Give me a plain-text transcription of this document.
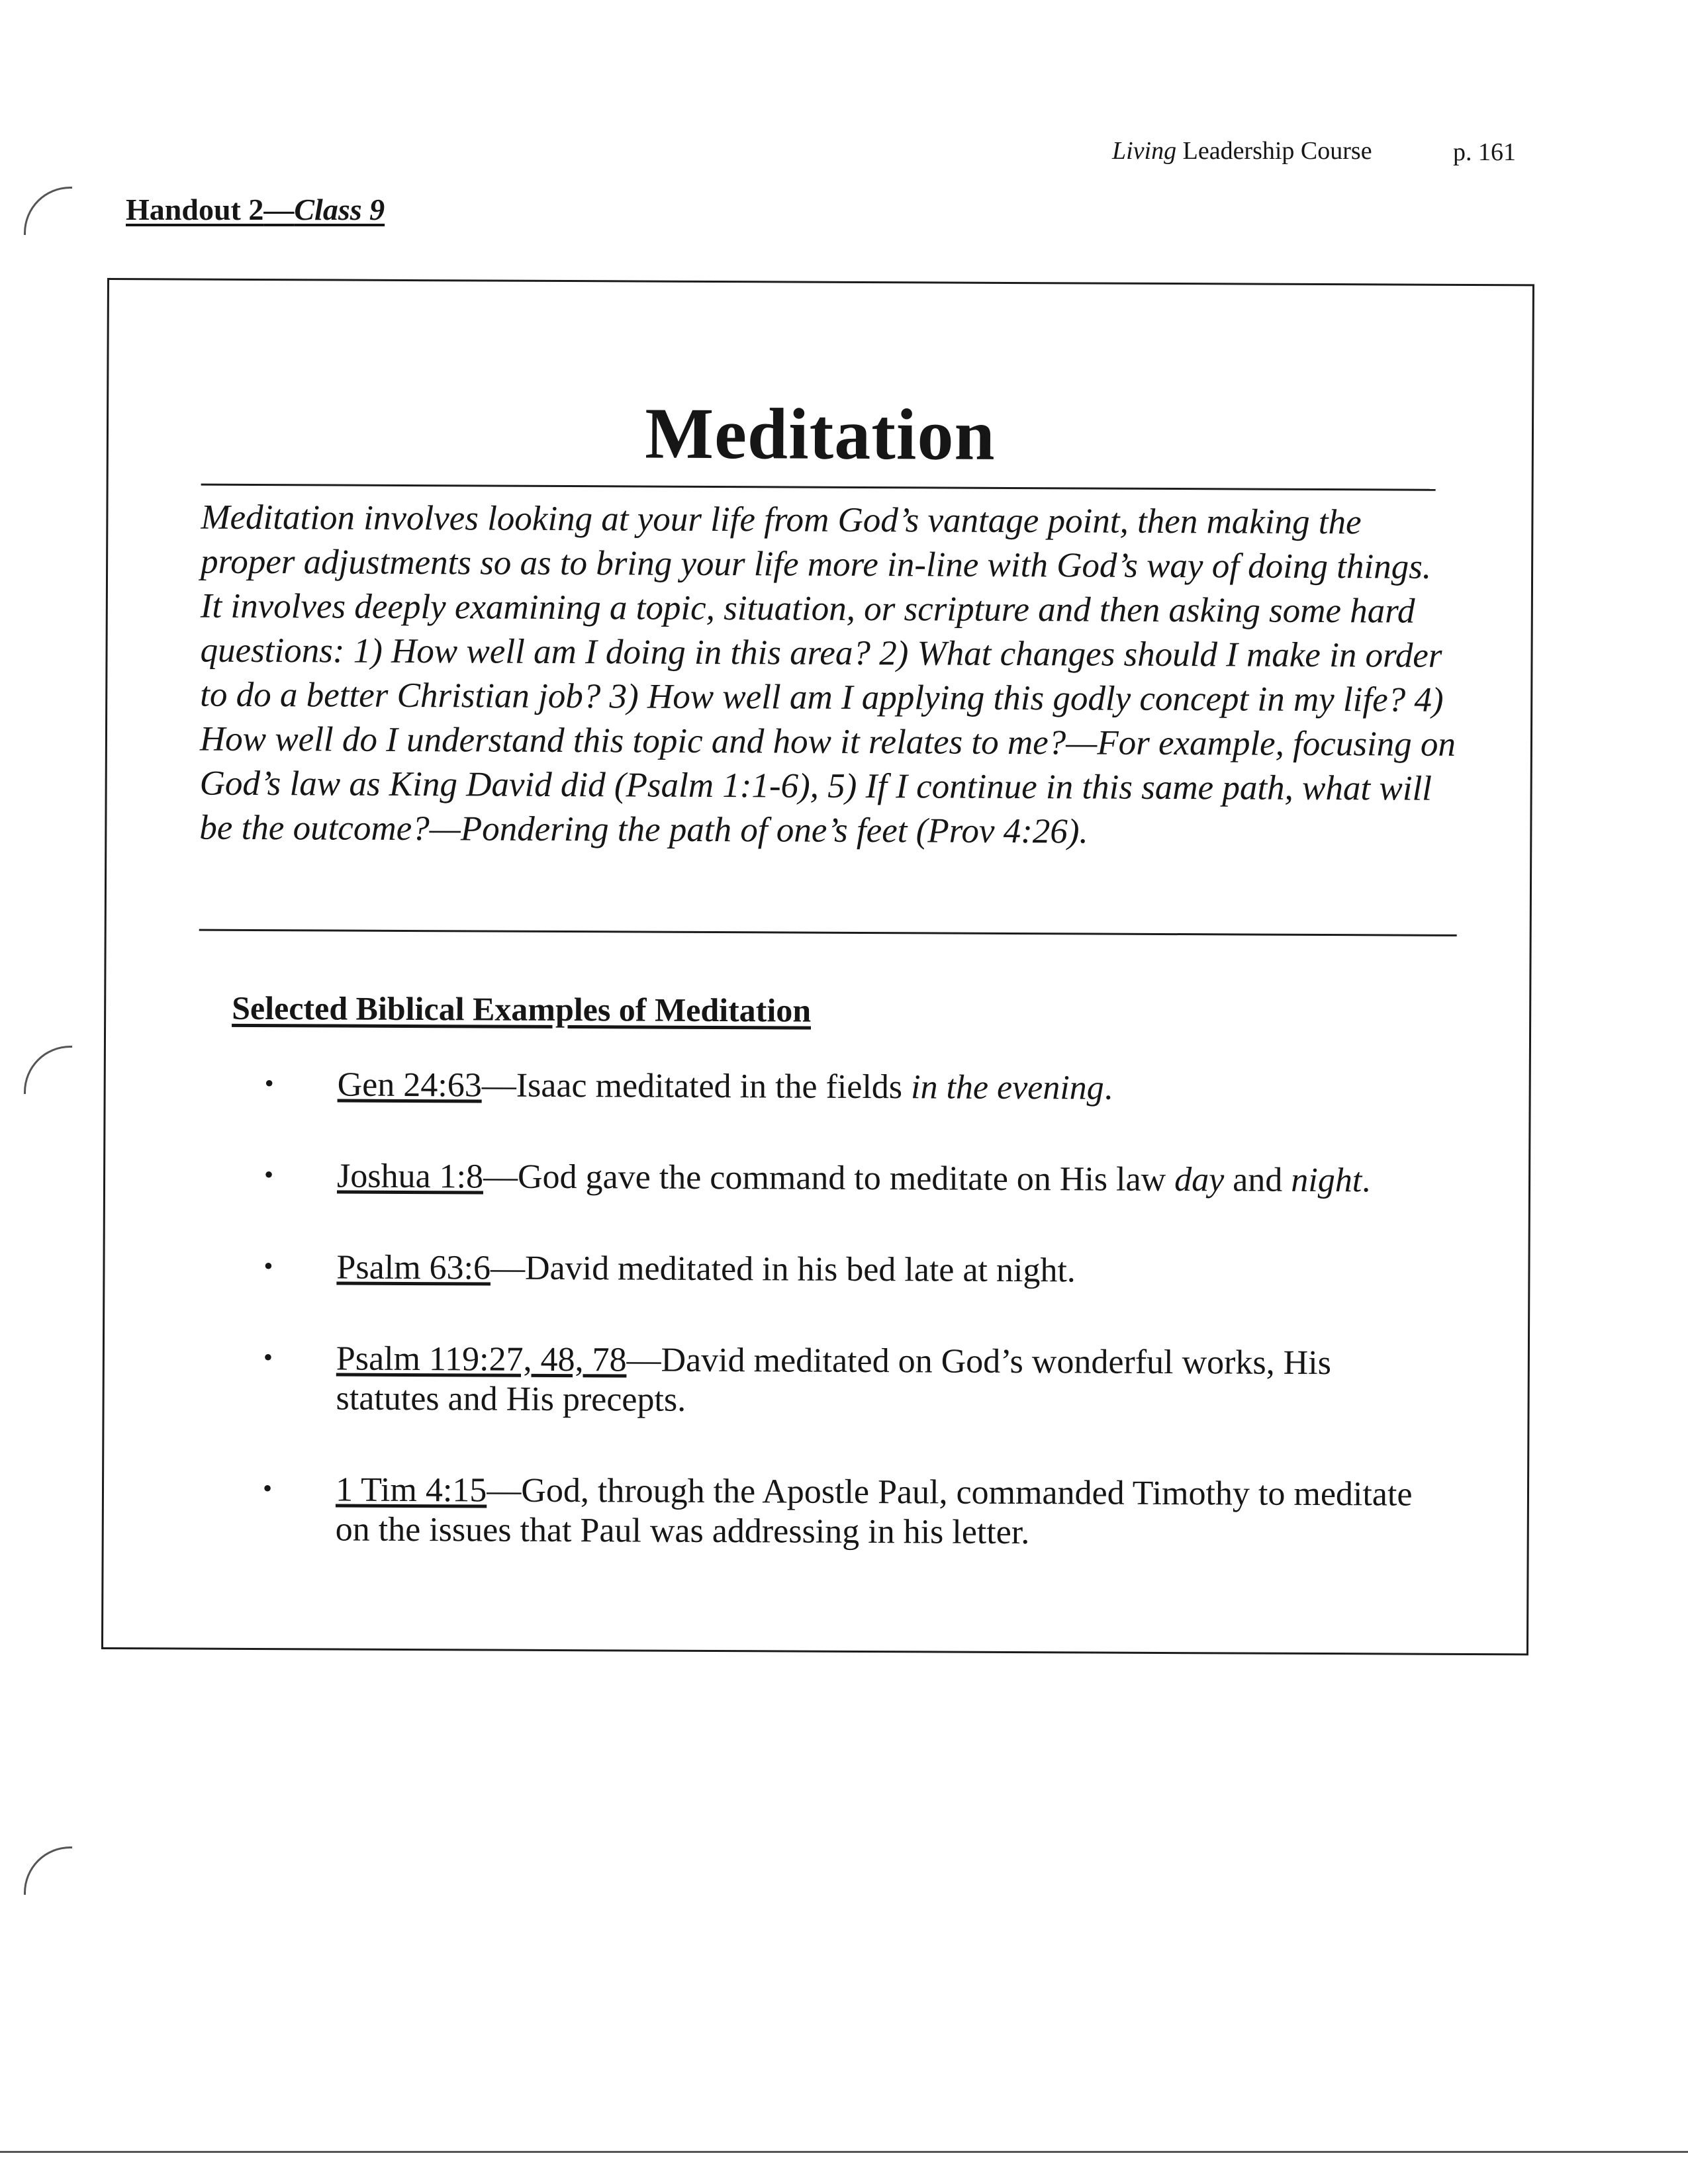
Living Leadership Course	p. 161
Handout 2—Class 9
Meditation

Meditation involves looking at your life from God’s vantage point, then making the proper adjustments so as to bring your life more in-line with God’s way of doing things. It involves deeply examining a topic, situation, or scripture and then asking some hard questions: 1) How well am I doing in this area? 2) What changes should I make in order to do a better Christian job? 3) How well am I applying this godly concept in my life? 4) How well do I understand this topic and how it relates to me?—For example, focusing on God’s law as King David did (Psalm 1:1-6), 5) If I continue in this same path, what will be the outcome?—Pondering the path of one’s feet (Prov 4:26).

Selected Biblical Examples of Meditation
• Gen 24:63—Isaac meditated in the fields in the evening.
• Joshua 1:8—God gave the command to meditate on His law day and night.
• Psalm 63:6—David meditated in his bed late at night.
• Psalm 119:27, 48, 78—David meditated on God’s wonderful works, His statutes and His precepts.
• 1 Tim 4:15—God, through the Apostle Paul, commanded Timothy to meditate on the issues that Paul was addressing in his letter.
